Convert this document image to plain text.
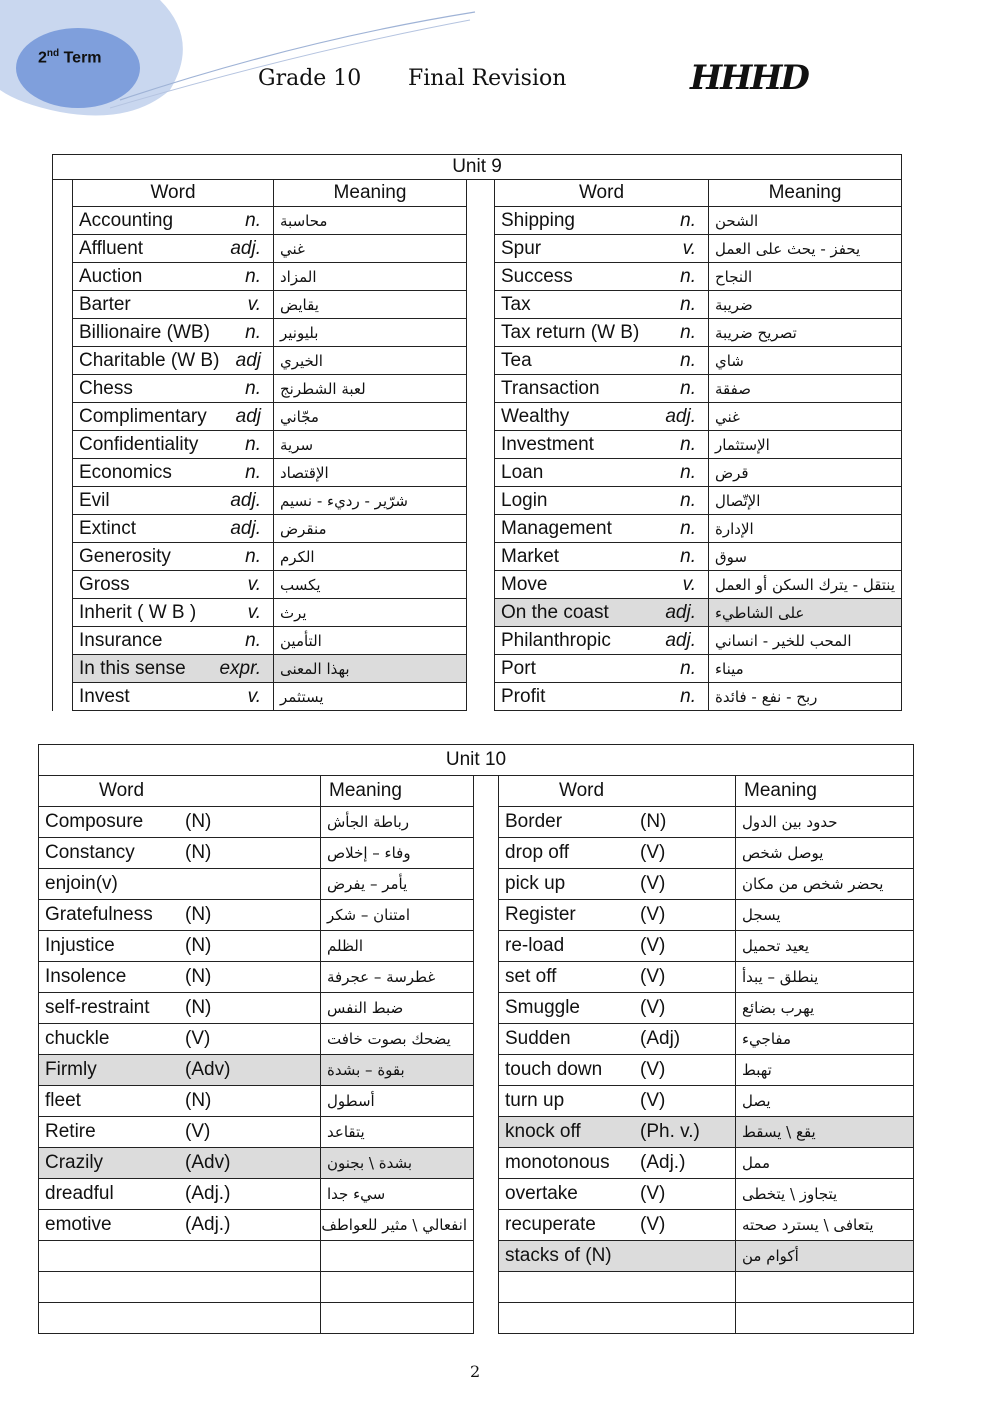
2nd Term
Grade 10 Final Revision	HHHD
Unit 9					
	Word	Meaning		Word	Meaning

	Accounting n.	محاسبة		Shipping n.	الشحن

	Affluent adj.	غني		Spur v.	يحفز - يحث على العمل

	Auction n.	المزاد		Success n.	النجاح

	Barter v.	يقايض		Tax n.	ضريبة

	Billionaire (WB) n.	بليونير		Tax return (W B) n.	تصريح ضريبة

	Charitable (W B) adj	الخيري		Tea n.	شاي

	Chess n.	لعبة الشطرنج		Transaction n.	صفقة

	Complimentary adj	مجّاني		Wealthy adj.	غني

	Confidentiality n.	سرية		Investment n.	الإستثمار

	Economics n.	الإقتصاد		Loan n.	قرض

	Evil adj.	شرّير - رديء - نسيم		Login n.	الإتّصال

	Extinct adj.	منقرض		Management n.	الإدارة

	Generosity n.	الكرم		Market n.	سوق

	Gross v.	يكسب		Move v.	ينتقل - يترك السكن أو العمل

	Inherit ( W B ) v.	يرث		On the coast adj.	على الشاطيء

	Insurance n.	التأمين		Philanthropic adj.	المحب للخير - انساني

	In this sense expr.	بهذا المعنى		Port n.	ميناء

	Invest v.	يستثمر		Profit n.	ربح - نفع - فائدة
Unit 10				
Word	Meaning		Word	Meaning

Composure (N)	رباطة الجأش		Border (N)	حدود بين الدول

Constancy (N)	وفاء – إخلاص		drop off (V)	يوصل شخص

enjoin(v)	يأمر – يفرض		pick up (V)	يحضر شخص من مكان

Gratefulness (N)	امتنان – شكر		Register (V)	يسجل

Injustice (N)	الظلم		re-load (V)	يعيد تحميل

Insolence (N)	غطرسة – عجرفة		set off (V)	ينطلق – يبدأ

self-restraint (N)	ضبط النفس		Smuggle (V)	يهرب بضائع

chuckle (V)	يضحك بصوت خافت		Sudden (Adj)	مفاجيء

Firmly (Adv)	بقوة – بشدة		touch down (V)	تهبط

fleet (N)	أسطول		turn up (V)	يصل

Retire (V)	يتقاعد		knock off (Ph. v.)	يقع \ يسقط

Crazily (Adv)	بشدة \ بجنون		monotonous (Adj.)	ممل

dreadful (Adj.)	سيء جدا		overtake (V)	يتجاوز \ يتخطى

emotive (Adj.)	انفعالي \ مثير للعواطف		recuperate (V)	يتعافى \ يسترد صحته

			stacks of (N)	أكوام من

2
